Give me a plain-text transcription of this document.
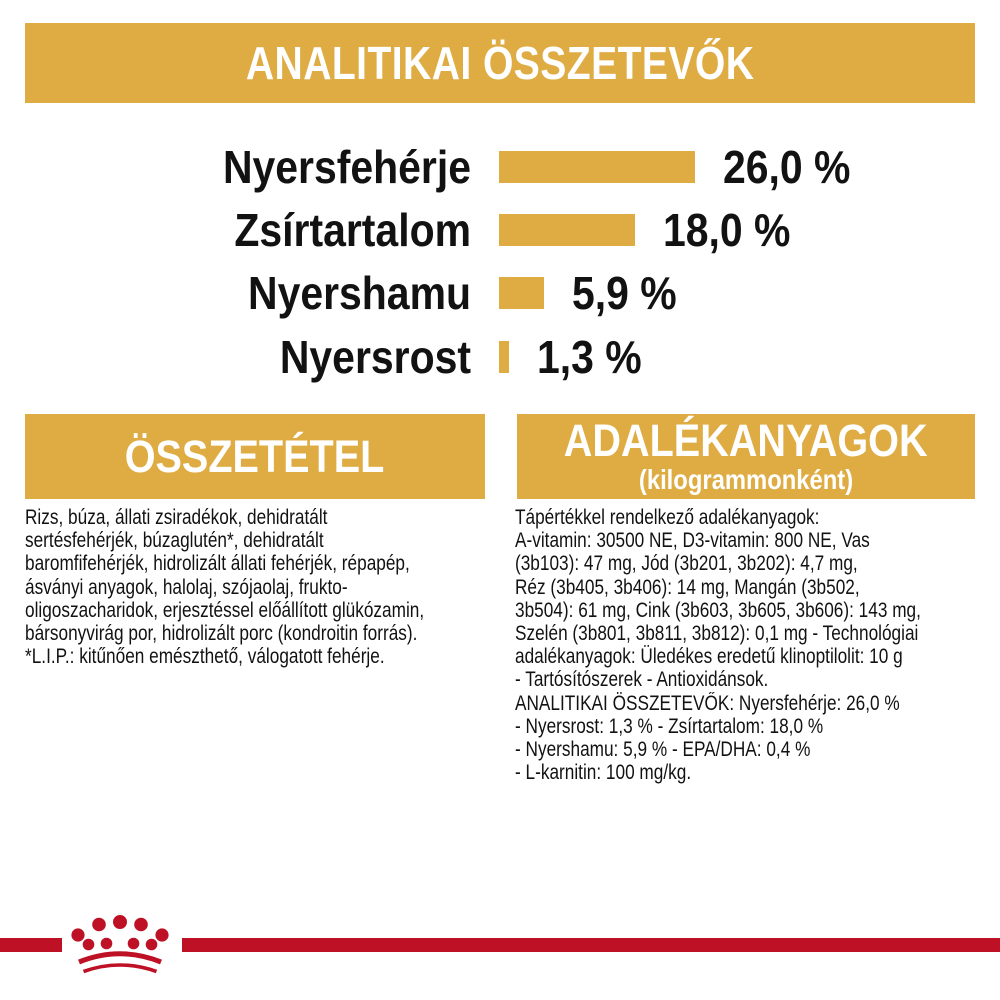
ANALITIKAI ÖSSZETEVŐK
Nyersfehérje	26,0 %
Zsírtartalom	18,0 %
Nyershamu 5,9 %
Nyersrost 1,3 %
ÖSSZETÉTEL	ADALÉKANYAGOK
(kilogrammonként)
Rizs, búza, állati zsiradékok, dehidratált
sertésfehérjék, búzaglutén*, dehidratált
baromfifehérjék, hidrolizált állati fehérjék, répapép,
ásványi anyagok, halolaj, szójaolaj, frukto-
oligoszacharidok, erjesztéssel előállított glükózamin,
bársonyvirág por, hidrolizált porc (kondroitin forrás).
*L.I.P.: kitűnően emészthető, válogatott fehérje.
Tápértékkel rendelkező adalékanyagok:
A-vitamin: 30500 NE, D3-vitamin: 800 NE, Vas
(3b103): 47 mg, Jód (3b201, 3b202): 4,7 mg,
Réz (3b405, 3b406): 14 mg, Mangán (3b502,
3b504): 61 mg, Cink (3b603, 3b605, 3b606): 143 mg,
Szelén (3b801, 3b811, 3b812): 0,1 mg - Technológiai
adalékanyagok: Üledékes eredetű klinoptilolit: 10 g
- Tartósítószerek - Antioxidánsok.
ANALITIKAI ÖSSZETEVŐK: Nyersfehérje: 26,0 %
- Nyersrost: 1,3 % - Zsírtartalom: 18,0 %
- Nyershamu: 5,9 % - EPA/DHA: 0,4 %
- L-karnitin: 100 mg/kg.
